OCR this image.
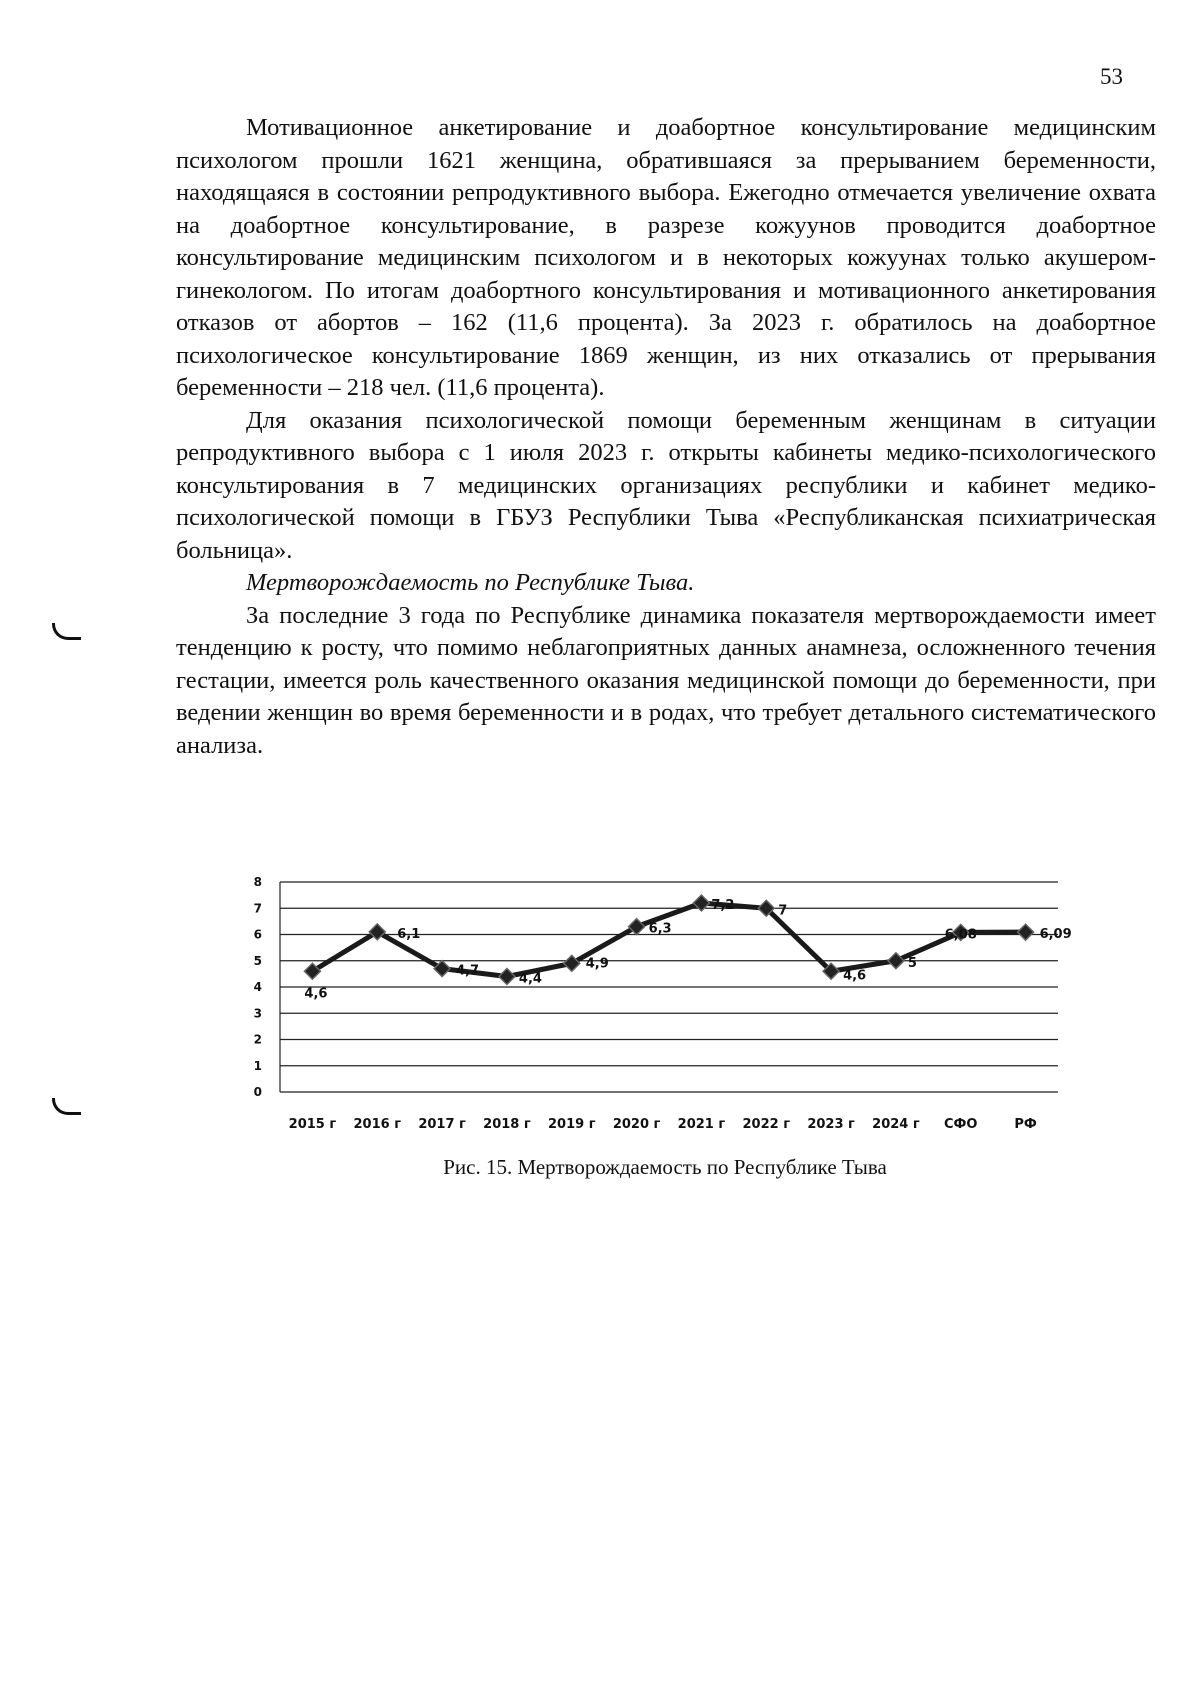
53

Мотивационное анкетирование и доабортное консультирование медицинским психологом прошли 1621 женщина, обратившаяся за прерыванием беременности, находящаяся в состоянии репродуктивного выбора. Ежегодно отмечается увеличение охвата на доабортное консультирование, в разрезе кожуунов проводится доабортное консультирование медицинским психологом и в некоторых кожуунах только акушером-гинекологом. По итогам доабортного консультирования и мотивационного анкетирования отказов от абортов – 162 (11,6 процента). За 2023 г. обратилось на доабортное психологическое консультирование 1869 женщин, из них отказались от прерывания беременности – 218 чел. (11,6 процента).

Для оказания психологической помощи беременным женщинам в ситуации репродуктивного выбора с 1 июля 2023 г. открыты кабинеты медико-психологического консультирования в 7 медицинских организациях республики и кабинет медико-психологической помощи в ГБУЗ Республики Тыва «Республиканская психиатрическая больница».

Мертворождаемость по Республике Тыва.

За последние 3 года по Республике динамика показателя мертворождаемости имеет тенденцию к росту, что помимо неблагоприятных данных анамнеза, осложненного течения гестации, имеется роль качественного оказания медицинской помощи до беременности, при ведении женщин во время беременности и в родах, что требует детального систематического анализа.

0
1
2
3
4
5
6
7
8
4,6
6,1
4,7
4,4
4,9
6,3
7,2	7
4,6
5
6,08	6,09
2015 г 2016 г 2017 г 2018 г 2019 г 2020 г 2021 г 2022 г 2023 г 2024 г СФО	РФ
Рис. 15. Мертворождаемость по Республике Тыва
